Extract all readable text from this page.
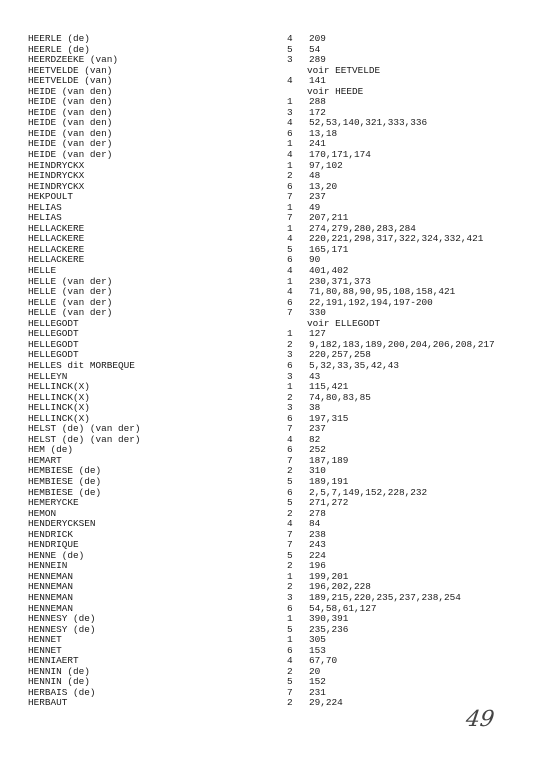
HEERLE (de)	4 209
HEERLE (de)	5 54
HEERDZEEKE (van)	3 289
HEETVELDE (van)	voir EETVELDE
HEETVELDE (van)	4 141
HEIDE (van den)	voir HEEDE
HEIDE (van den)	1 288
HEIDE (van den)	3 172
HEIDE (van den)	4 52,53,140,321,333,336
HEIDE (van den)	6 13,18
HEIDE (van der)	1 241
HEIDE (van der)	4 170,171,174
HEINDRYCKX	1 97,102
HEINDRYCKX	2 48
HEINDRYCKX	6 13,20
HEKPOULT	7 237
HELIAS	1 49
HELIAS	7 207,211
HELLACKERE	1 274,279,280,283,284
HELLACKERE	4 220,221,298,317,322,324,332,421
HELLACKERE	5 165,171
HELLACKERE	6 90
HELLE	4 401,402
HELLE (van der)	1 230,371,373
HELLE (van der)	4 71,80,88,90,95,108,158,421
HELLE (van der)	6 22,191,192,194,197-200
HELLE (van der)	7 330
HELLEGODT	voir ELLEGODT
HELLEGODT	1 127
HELLEGODT	2 9,182,183,189,200,204,206,208,217
HELLEGODT	3 220,257,258
HELLES dit MORBEQUE	6 5,32,33,35,42,43
HELLEYN	3 43
HELLINCK(X)	1 115,421
HELLINCK(X)	2 74,80,83,85
HELLINCK(X)	3 38
HELLINCK(X)	6 197,315
HELST (de) (van der)	7 237
HELST (de) (van der)	4 82
HEM (de)	6 252
HEMART	7 187,189
HEMBIESE (de)	2 310
HEMBIESE (de)	5 189,191
HEMBIESE (de)	6 2,5,7,149,152,228,232
HEMERYCKE	5 271,272
HEMON	2 278
HENDERYCKSEN	4 84
HENDRICK	7 238
HENDRIQUE	7 243
HENNE (de)	5 224
HENNEIN	2 196
HENNEMAN	1 199,201
HENNEMAN	2 196,202,228
HENNEMAN	3 189,215,220,235,237,238,254
HENNEMAN	6 54,58,61,127
HENNESY (de)	1 390,391
HENNESY (de)	5 235,236
HENNET	1 305
HENNET	6 153
HENNIAERT	4 67,70
HENNIN (de)	2 20
HENNIN (de)	5 152
HERBAIS (de)	7 231
HERBAUT	2 29,224
49
